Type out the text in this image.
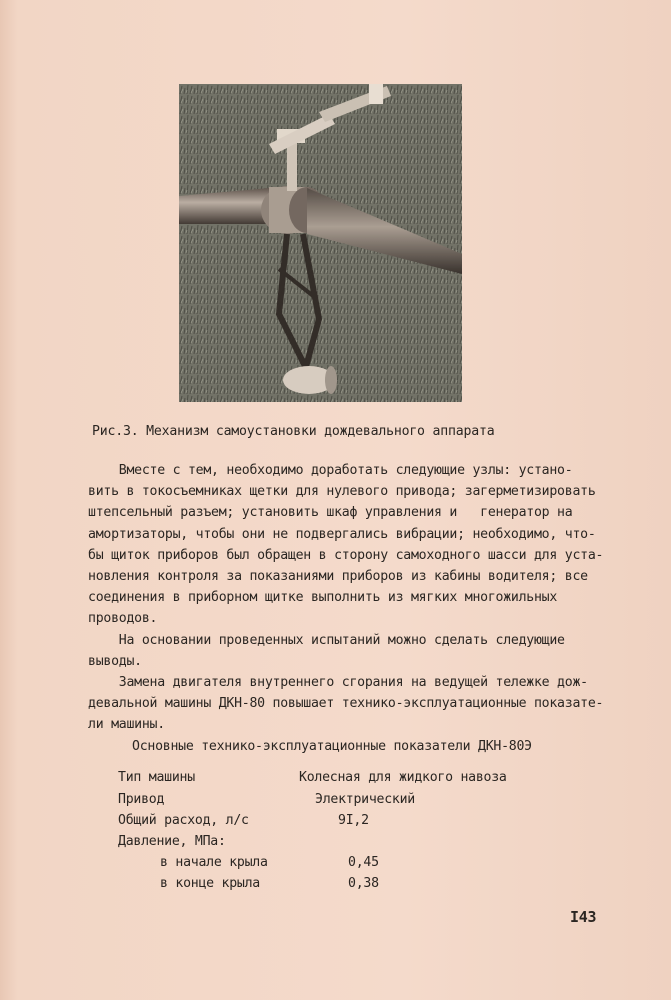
Рис.3. Механизм самоустановки дождевального аппарата

Вместе с тем, необходимо доработать следующие узлы: устано-
вить в токосъемниках щетки для нулевого привода; загерметизировать
штепсельный разъем; установить шкаф управления и   генератор на
амортизаторы, чтобы они не подвергались вибрации; необходимо, что-
бы щиток приборов был обращен в сторону самоходного шасси для уста-
новления контроля за показаниями приборов из кабины водителя; все
соединения в приборном щитке выполнить из мягких многожильных
проводов.

На основании проведенных испытаний можно сделать следующие
выводы.

Замена двигателя внутреннего сгорания на ведущей тележке дож-
девальной машины ДКН-80 повышает технико-эксплуатационные показате-
ли машины.

Основные технико-эксплуатационные показатели ДКН-80Э
Тип машины	Колесная для жидкого навоза
Привод	Электрический
Общий расход, л/с	9I,2
Давление, МПа:
в начале крыла	0,45
в конце крыла	0,38
I43
